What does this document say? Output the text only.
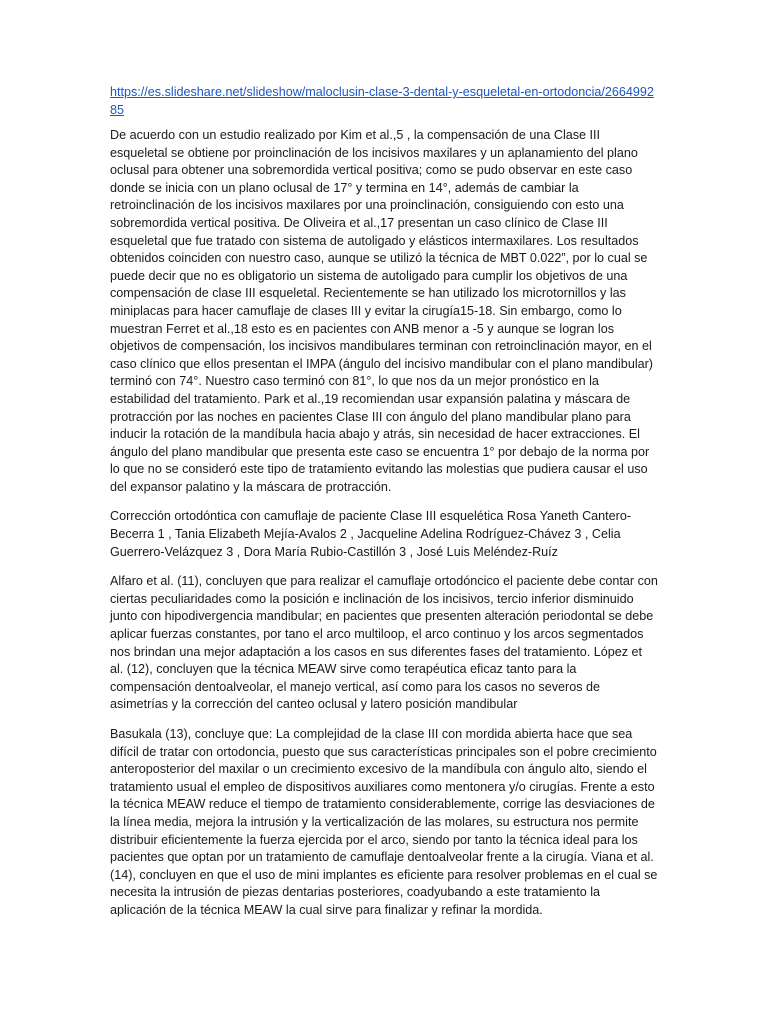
https://es.slideshare.net/slideshow/maloclusin-clase-3-dental-y-esqueletal-en-ortodoncia/266499285

De acuerdo con un estudio realizado por Kim et al.,5 , la compensación de una Clase III esqueletal se obtiene por proinclinación de los incisivos maxilares y un aplanamiento del plano oclusal para obtener una sobremordida vertical positiva; como se pudo observar en este caso donde se inicia con un plano oclusal de 17° y termina en 14°, además de cambiar la retroinclinación de los incisivos maxilares por una proinclinación, consiguiendo con esto una sobremordida vertical positiva. De Oliveira et al.,17 presentan un caso clínico de Clase III esqueletal que fue tratado con sistema de autoligado y elásticos intermaxilares. Los resultados obtenidos coinciden con nuestro caso, aunque se utilizó la técnica de MBT 0.022”, por lo cual se puede decir que no es obligatorio un sistema de autoligado para cumplir los objetivos de una compensación de clase III esqueletal. Recientemente se han utilizado los microtornillos y las miniplacas para hacer camuflaje de clases III y evitar la cirugía15-18. Sin embargo, como lo muestran Ferret et al.,18 esto es en pacientes con ANB menor a -5 y aunque se logran los objetivos de compensación, los incisivos mandibulares terminan con retroinclinación mayor, en el caso clínico que ellos presentan el IMPA (ángulo del incisivo mandibular con el plano mandibular) terminó con 74°. Nuestro caso terminó con 81°, lo que nos da un mejor pronóstico en la estabilidad del tratamiento. Park et al.,19 recomiendan usar expansión palatina y máscara de protracción por las noches en pacientes Clase III con ángulo del plano mandibular plano para inducir la rotación de la mandíbula hacia abajo y atrás, sin necesidad de hacer extracciones. El ángulo del plano mandibular que presenta este caso se encuentra 1° por debajo de la norma por lo que no se consideró este tipo de tratamiento evitando las molestias que pudiera causar el uso del expansor palatino y la máscara de protracción.

Corrección ortodóntica con camuflaje de paciente Clase III esquelética Rosa Yaneth Cantero-Becerra 1 , Tania Elizabeth Mejía-Avalos 2 , Jacqueline Adelina Rodríguez-Chávez 3 , Celia Guerrero-Velázquez 3 , Dora María Rubio-Castillón 3 , José Luis Meléndez-Ruíz

Alfaro et al. (11), concluyen que para realizar el camuflaje ortodóncico el paciente debe contar con ciertas peculiaridades como la posición e inclinación de los incisivos, tercio inferior disminuido junto con hipodivergencia mandibular; en pacientes que presenten alteración periodontal se debe aplicar fuerzas constantes, por tano el arco multiloop, el arco continuo y los arcos segmentados nos brindan una mejor adaptación a los casos en sus diferentes fases del tratamiento. López et al. (12), concluyen que la técnica MEAW sirve como terapéutica eficaz tanto para la compensación dentoalveolar, el manejo vertical, así como para los casos no severos de asimetrías y la corrección del canteo oclusal y latero posición mandibular

Basukala (13), concluye que: La complejidad de la clase III con mordida abierta hace que sea difícil de tratar con ortodoncia, puesto que sus características principales son el pobre crecimiento anteroposterior del maxilar o un crecimiento excesivo de la mandíbula con ángulo alto, siendo el tratamiento usual el empleo de dispositivos auxiliares como mentonera y/o cirugías. Frente a esto la técnica MEAW reduce el tiempo de tratamiento considerablemente, corrige las desviaciones de la línea media, mejora la intrusión y la verticalización de las molares, su estructura nos permite distribuir eficientemente la fuerza ejercida por el arco, siendo por tanto la técnica ideal para los pacientes que optan por un tratamiento de camuflaje dentoalveolar frente a la cirugía. Viana et al. (14), concluyen en que el uso de mini implantes es eficiente para resolver problemas en el cual se necesita la intrusión de piezas dentarias posteriores, coadyubando a este tratamiento la aplicación de la técnica MEAW la cual sirve para finalizar y refinar la mordida.
